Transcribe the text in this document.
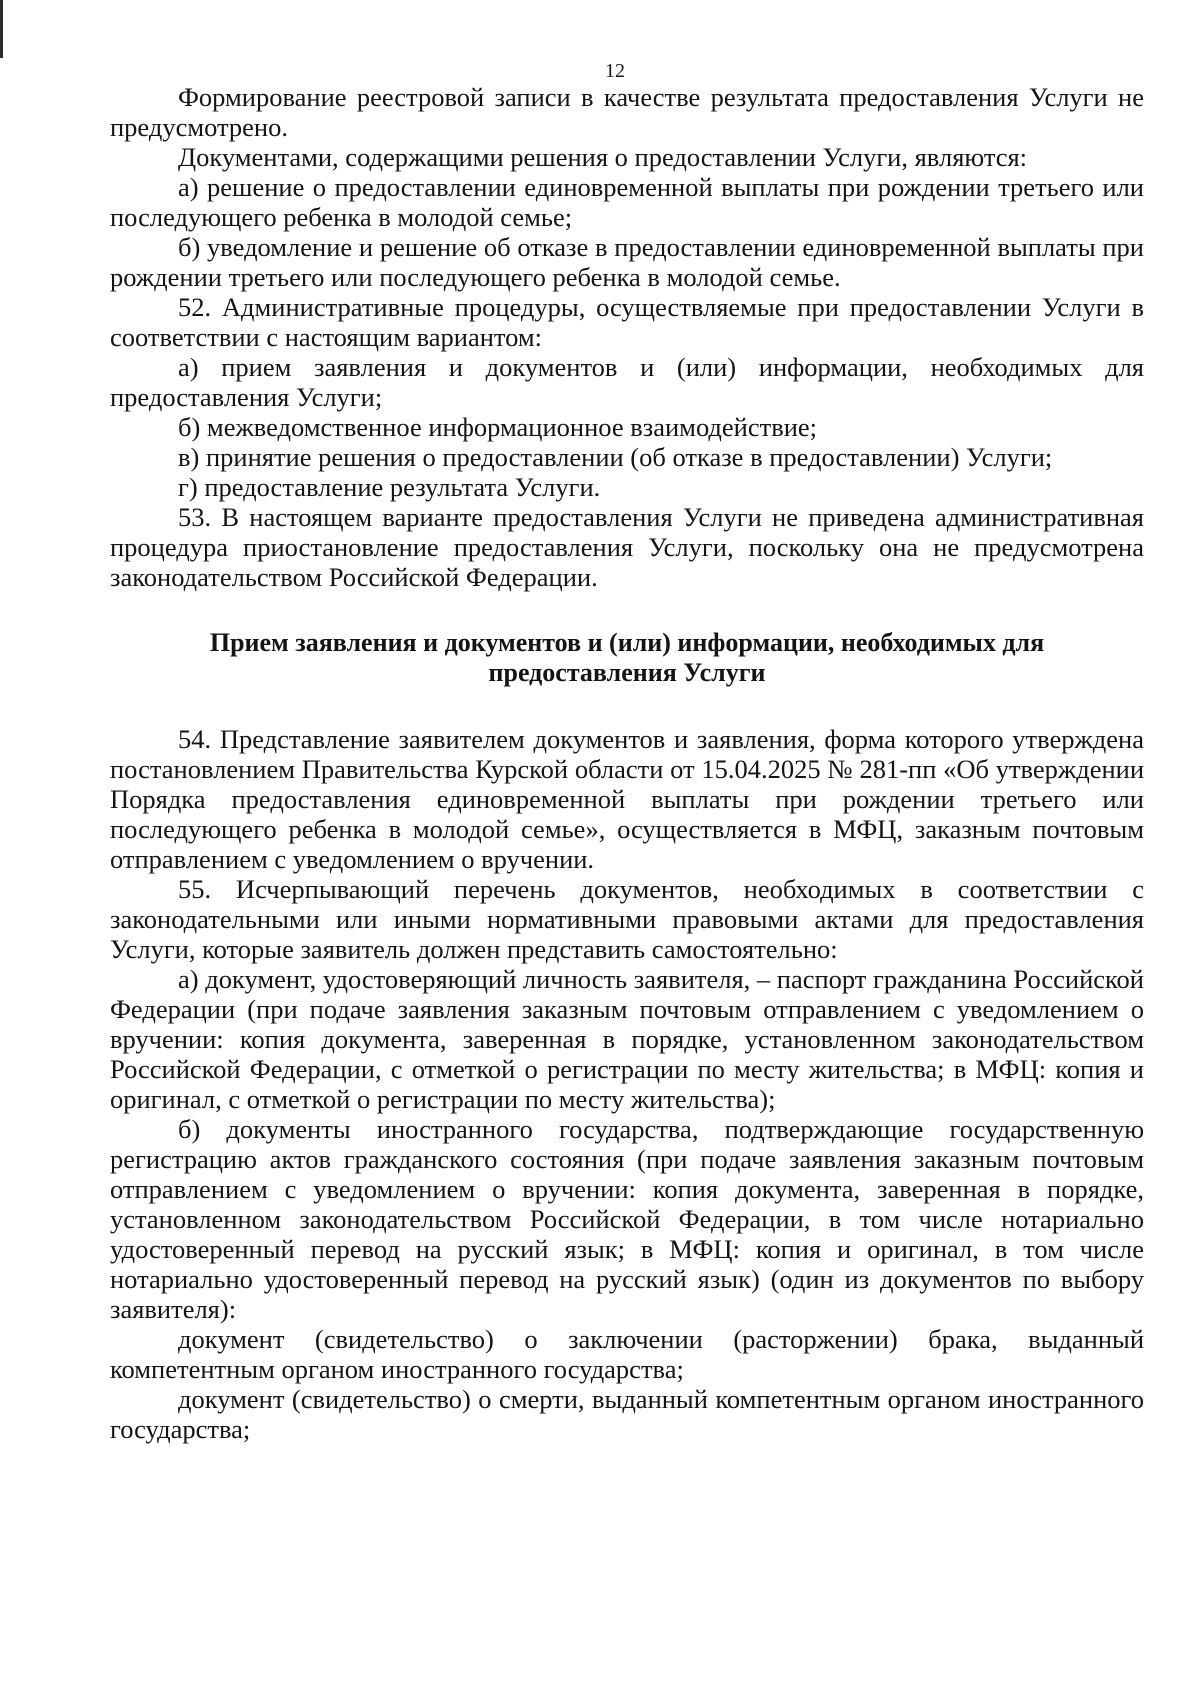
12

Формирование реестровой записи в качестве результата предоставления Услуги не предусмотрено.

Документами, содержащими решения о предоставлении Услуги, являются:

а) решение о предоставлении единовременной выплаты при рождении третьего или последующего ребенка в молодой семье;

б) уведомление и решение об отказе в предоставлении единовременной выплаты при рождении третьего или последующего ребенка в молодой семье.

52. Административные процедуры, осуществляемые при предоставлении Услуги в соответствии с настоящим вариантом:

а) прием заявления и документов и (или) информации, необходимых для предоставления Услуги;

б) межведомственное информационное взаимодействие;

в) принятие решения о предоставлении (об отказе в предоставлении) Услуги;

г) предоставление результата Услуги.

53. В настоящем варианте предоставления Услуги не приведена административная процедура приостановление предоставления Услуги, поскольку она не предусмотрена законодательством Российской Федерации.

Прием заявления и документов и (или) информации, необходимых для
предоставления Услуги

54. Представление заявителем документов и заявления, форма которого утверждена постановлением Правительства Курской области от 15.04.2025 № 281-пп «Об утверждении Порядка предоставления единовременной выплаты при рождении третьего или последующего ребенка в молодой семье», осуществляется в МФЦ, заказным почтовым отправлением с уведомлением о вручении.

55. Исчерпывающий перечень документов, необходимых в соответствии с законодательными или иными нормативными правовыми актами для предоставления Услуги, которые заявитель должен представить самостоятельно:

а) документ, удостоверяющий личность заявителя, – паспорт гражданина Российской Федерации (при подаче заявления заказным почтовым отправлением с уведомлением о вручении: копия документа, заверенная в порядке, установленном законодательством Российской Федерации, с отметкой о регистрации по месту жительства; в МФЦ: копия и оригинал, с отметкой о регистрации по месту жительства);

б) документы иностранного государства, подтверждающие государственную регистрацию актов гражданского состояния (при подаче заявления заказным почтовым отправлением с уведомлением о вручении: копия документа, заверенная в порядке, установленном законодательством Российской Федерации, в том числе нотариально удостоверенный перевод на русский язык; в МФЦ: копия и оригинал, в том числе нотариально удостоверенный перевод на русский язык) (один из документов по выбору заявителя):

документ (свидетельство) о заключении (расторжении) брака, выданный компетентным органом иностранного государства;

документ (свидетельство) о смерти, выданный компетентным органом иностранного государства;
